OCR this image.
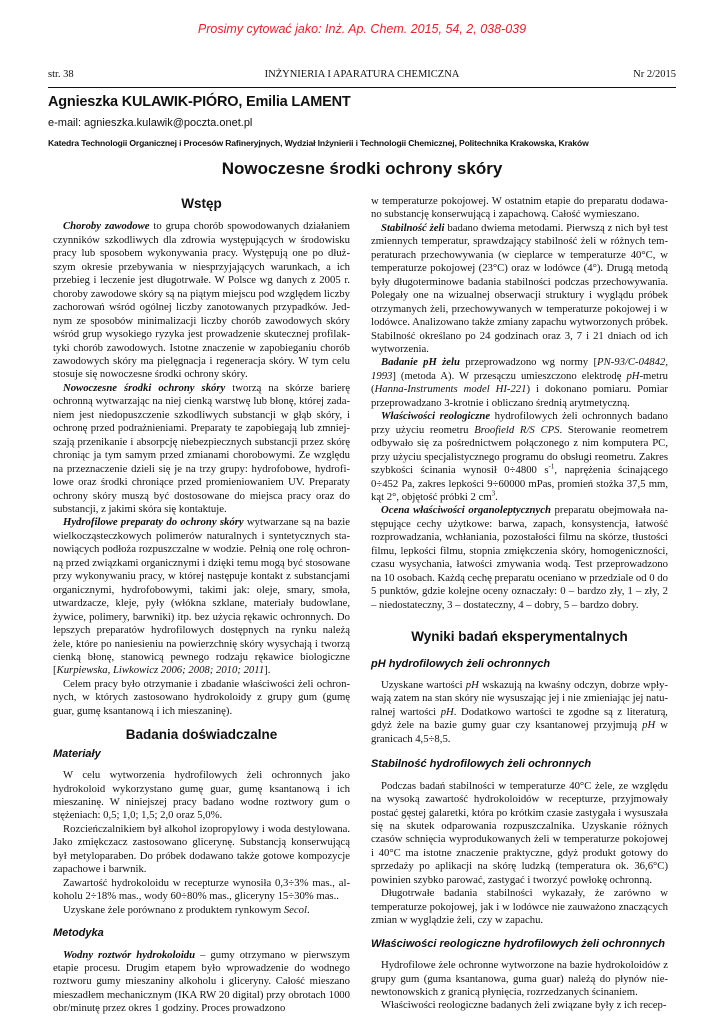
Prosimy cytować jako: Inż. Ap. Chem. 2015, 54, 2, 038-039
str. 38	INŻYNIERIA I APARATURA CHEMICZNA	Nr 2/2015
Agnieszka KULAWIK-PIÓRO, Emilia LAMENT
e-mail: agnieszka.kulawik@poczta.onet.pl
Katedra Technologii Organicznej i Procesów Rafineryjnych, Wydział Inżynierii i Technologii Chemicznej, Politechnika Krakowska, Kraków
Nowoczesne środki ochrony skóry
Wstęp

Choroby zawodowe to grupa chorób spowodowanych działaniem czynników szkodliwych dla zdrowia występujących w środowisku pracy lub sposobem wykonywania pracy. Występują one po dłuższym okresie przebywania w niesprzyjających warunkach, a ich przebieg i leczenie jest długotrwałe. W Polsce wg danych z 2005 r. choroby zawodowe skóry są na piątym miejscu pod względem liczby zachorowań wśród ogólnej liczby zanotowanych przypadków. Jednym ze sposobów minimalizacji liczby chorób zawodowych skóry wśród grup wysokiego ryzyka jest prowadzenie skutecznej profilaktyki chorób zawodowych. Istotne znaczenie w zapobieganiu chorób zawodowych skóry ma pielęgnacja i regeneracja skóry. W tym celu stosuje się nowoczesne środki ochrony skóry.

Nowoczesne środki ochrony skóry tworzą na skórze barierę ochronną wytwarzając na niej cienką warstwę lub błonę, której zadaniem jest niedopuszczenie szkodliwych substancji w głąb skóry, i ochronę przed podrażnieniami. Preparaty te zapobiegają lub zmniejszają przenikanie i absorpcję niebezpiecznych substancji przez skórę chroniąc ja tym samym przed zmianami chorobowymi. Ze względu na przeznaczenie dzieli się je na trzy grupy: hydrofobowe, hydrofilowe oraz środki chroniące przed promieniowaniem UV. Preparaty ochrony skóry muszą być dostosowane do miejsca pracy oraz do substancji, z jakimi skóra się kontaktuje.

Hydrofilowe preparaty do ochrony skóry wytwarzane są na bazie wielkocząsteczkowych polimerów naturalnych i syntetycznych stanowiących podłoża rozpuszczalne w wodzie. Pełnią one rolę ochronną przed związkami organicznymi i dzięki temu mogą być stosowane przy wykonywaniu pracy, w której następuje kontakt z substancjami organicznymi, hydrofobowymi, takimi jak: oleje, smary, smoła, utwardzacze, kleje, pyły (włókna szklane, materiały budowlane, żywice, polimery, barwniki) itp. bez użycia rękawic ochronnych. Do lepszych preparatów hydrofilowych dostępnych na rynku należą żele, które po naniesieniu na powierzchnię skóry wysychają i tworzą cienką błonę, stanowicą pewnego rodzaju rękawice biologiczne [Kurpiewska, Liwkowicz 2006; 2008; 2010; 2011].

Celem pracy było otrzymanie i zbadanie właściwości żeli ochronnych, w których zastosowano hydrokoloidy z grupy gum (gumę guar, gumę ksantanową i ich mieszaninę).

Badania doświadczalne
Materiały

W celu wytworzenia hydrofilowych żeli ochronnych jako hydrokoloid wykorzystano gumę guar, gumę ksantanową i ich mieszaninę. W niniejszej pracy badano wodne roztwory gum o stężeniach: 0,5; 1,0; 1,5; 2,0 oraz 5,0%.

Rozcieńczalnikiem był alkohol izopropylowy i woda destylowana. Jako zmiękczacz zastosowano glicerynę. Substancją konserwującą był metyloparaben. Do próbek dodawano także gotowe kompozycje zapachowe i barwnik.

Zawartość hydrokoloidu w recepturze wynosiła 0,3÷3% mas., alkoholu 2÷18% mas., wody 60÷80% mas., gliceryny 15÷30% mas..

Uzyskane żele porównano z produktem rynkowym Secol.

Metodyka

Wodny roztwór hydrokoloidu – gumy otrzymano w pierwszym etapie procesu. Drugim etapem było wprowadzenie do wodnego roztworu gumy mieszaniny alkoholu i gliceryny. Całość mieszano mieszadłem mechanicznym (IKA RW 20 digital) przy obrotach 1000 obr/minutę przez okres 1 godziny. Proces prowadzono

w temperaturze pokojowej. W ostatnim etapie do preparatu dodawano substancję konserwującą i zapachową. Całość wymieszano.

Stabilność żeli badano dwiema metodami. Pierwszą z nich był test zmiennych temperatur, sprawdzający stabilność żeli w różnych temperaturach przechowywania (w cieplarce w temperaturze 40°C, w temperaturze pokojowej (23°C) oraz w lodówce (4°). Drugą metodą były długoterminowe badania stabilności podczas przechowywania. Polegały one na wizualnej obserwacji struktury i wyglądu próbek otrzymanych żeli, przechowywanych w temperaturze pokojowej i w lodówce. Analizowano także zmiany zapachu wytworzonych próbek. Stabilność określano po 24 godzinach oraz 3, 7 i 21 dniach od ich wytworzenia.

Badanie pH żelu przeprowadzono wg normy [PN-93/C-04842, 1993] (metoda A). W przesączu umieszczono elektrodę pH-metru (Hanna-Instruments model HI-221) i dokonano pomiaru. Pomiar przeprowadzano 3-krotnie i obliczano średnią arytmetyczną.

Właściwości reologiczne hydrofilowych żeli ochronnych badano przy użyciu reometru Broofield R/S CPS. Sterowanie reometrem odbywało się za pośrednictwem połączonego z nim komputera PC, przy użyciu specjalistycznego programu do obsługi reometru. Zakres szybkości ścinania wynosił 0÷4800 $s^{-1}$, naprężenia ścinającego 0÷452 Pa, zakres lepkości 9÷60000 mPas, promień stożka 37,5 mm, kąt 2°, objętość próbki 2 $cm^3$.

Ocena właściwości organoleptycznych preparatu obejmowała następujące cechy użytkowe: barwa, zapach, konsystencja, łatwość rozprowadzania, wchłaniania, pozostałości filmu na skórze, tłustości filmu, lepkości filmu, stopnia zmiękczenia skóry, homogeniczności, czasu wysychania, łatwości zmywania wodą. Test przeprowadzono na 10 osobach. Każdą cechę preparatu oceniano w przedziale od 0 do 5 punktów, gdzie kolejne oceny oznaczały: 0 – bardzo zły, 1 – zły, 2 – niedostateczny, 3 – dostateczny, 4 – dobry, 5 – bardzo dobry.

Wyniki badań eksperymentalnych
pH hydrofilowych żeli ochronnych

Uzyskane wartości pH wskazują na kwaśny odczyn, dobrze wpływają zatem na stan skóry nie wysuszając jej i nie zmieniając jej naturalnej wartości pH. Dodatkowo wartości te zgodne są z literaturą, gdyż żele na bazie gumy guar czy ksantanowej przyjmują pH w granicach 4,5÷8,5.

Stabilność hydrofilowych żeli ochronnych

Podczas badań stabilności w temperaturze 40°C żele, ze względu na wysoką zawartość hydrokoloidów w recepturze, przyjmowały postać gęstej galaretki, która po krótkim czasie zastygała i wysuszała się na skutek odparowania rozpuszczalnika. Uzyskanie różnych czasów schnięcia wyprodukowanych żeli w temperaturze pokojowej i 40°C ma istotne znaczenie praktyczne, gdyż produkt gotowy do sprzedaży po aplikacji na skórę ludzką (temperatura ok. 36,6°C) powinien szybko parować, zastygać i tworzyć powłokę ochronną.

Długotrwałe badania stabilności wykazały, że zarówno w temperaturze pokojowej, jak i w lodówce nie zauważono znaczących zmian w wyglądzie żeli, czy w zapachu.

Właściwości reologiczne hydrofilowych żeli ochronnych

Hydrofilowe żele ochronne wytworzone na bazie hydrokoloidów z grupy gum (guma ksantanowa, guma guar) należą do płynów nienewtonowskich z granicą płynięcia, rozrzedzanych ścinaniem.

Właściwości reologiczne badanych żeli związane były z ich recep-
